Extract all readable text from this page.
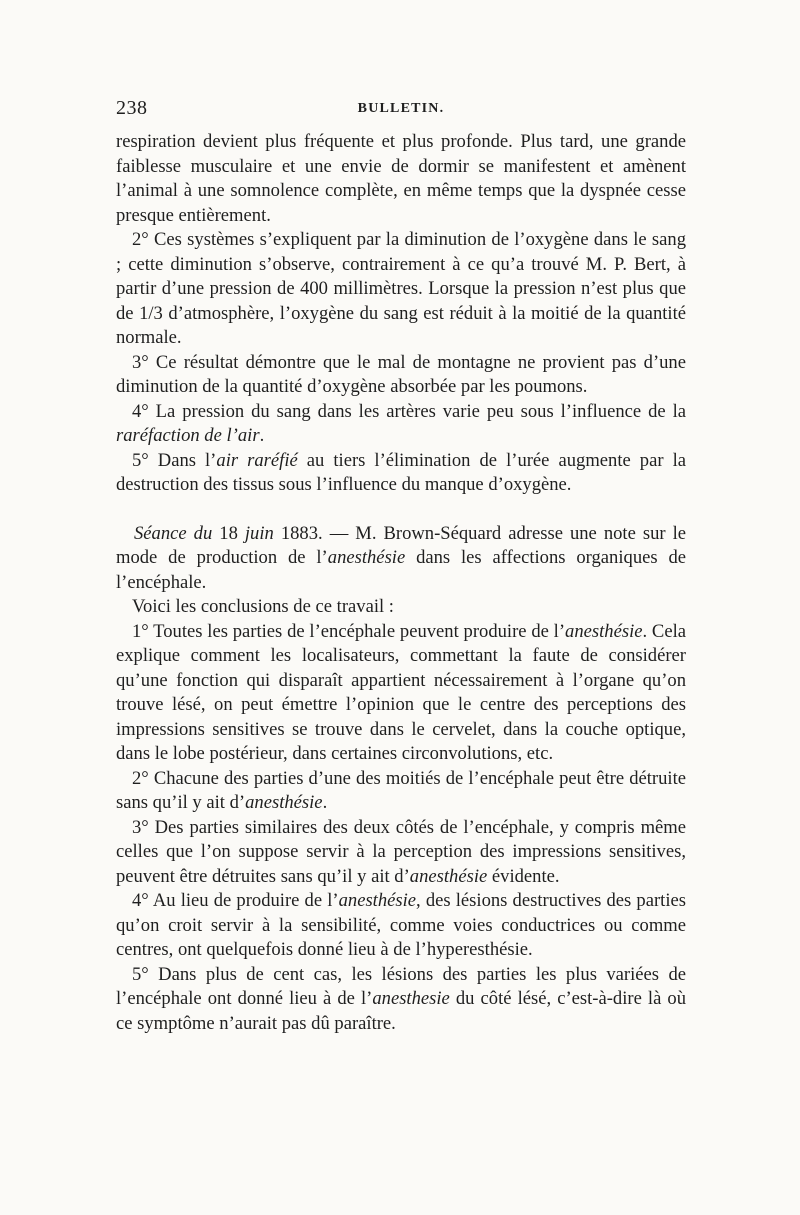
238	BULLETIN.

respiration devient plus fréquente et plus profonde. Plus tard, une grande faiblesse musculaire et une envie de dormir se manifestent et amènent l’animal à une somnolence complète, en même temps que la dyspnée cesse presque entièrement.

2° Ces systèmes s’expliquent par la diminution de l’oxygène dans le sang ; cette diminution s’observe, contrairement à ce qu’a trouvé M. P. Bert, à partir d’une pression de 400 millimètres. Lorsque la pression n’est plus que de 1/3 d’atmosphère, l’oxygène du sang est réduit à la moitié de la quantité normale.

3° Ce résultat démontre que le mal de montagne ne provient pas d’une diminution de la quantité d’oxygène absorbée par les poumons.

4° La pression du sang dans les artères varie peu sous l’influence de la raréfaction de l’air.

5° Dans l’air raréfié au tiers l’élimination de l’urée augmente par la destruction des tissus sous l’influence du manque d’oxygène.

Séance du 18 juin 1883. — M. Brown-Séquard adresse une note sur le mode de production de l’anesthésie dans les affections organiques de l’encéphale.

Voici les conclusions de ce travail :

1° Toutes les parties de l’encéphale peuvent produire de l’anesthésie. Cela explique comment les localisateurs, commettant la faute de considérer qu’une fonction qui disparaît appartient nécessairement à l’organe qu’on trouve lésé, on peut émettre l’opinion que le centre des perceptions des impressions sensitives se trouve dans le cervelet, dans la couche optique, dans le lobe postérieur, dans certaines circonvolutions, etc.

2° Chacune des parties d’une des moitiés de l’encéphale peut être détruite sans qu’il y ait d’anesthésie.

3° Des parties similaires des deux côtés de l’encéphale, y compris même celles que l’on suppose servir à la perception des impressions sensitives, peuvent être détruites sans qu’il y ait d’anesthésie évidente.

4° Au lieu de produire de l’anesthésie, des lésions destructives des parties qu’on croit servir à la sensibilité, comme voies conductrices ou comme centres, ont quelquefois donné lieu à de l’hyperesthésie.

5° Dans plus de cent cas, les lésions des parties les plus variées de l’encéphale ont donné lieu à de l’anesthesie du côté lésé, c’est-à-dire là où ce symptôme n’aurait pas dû paraître.
